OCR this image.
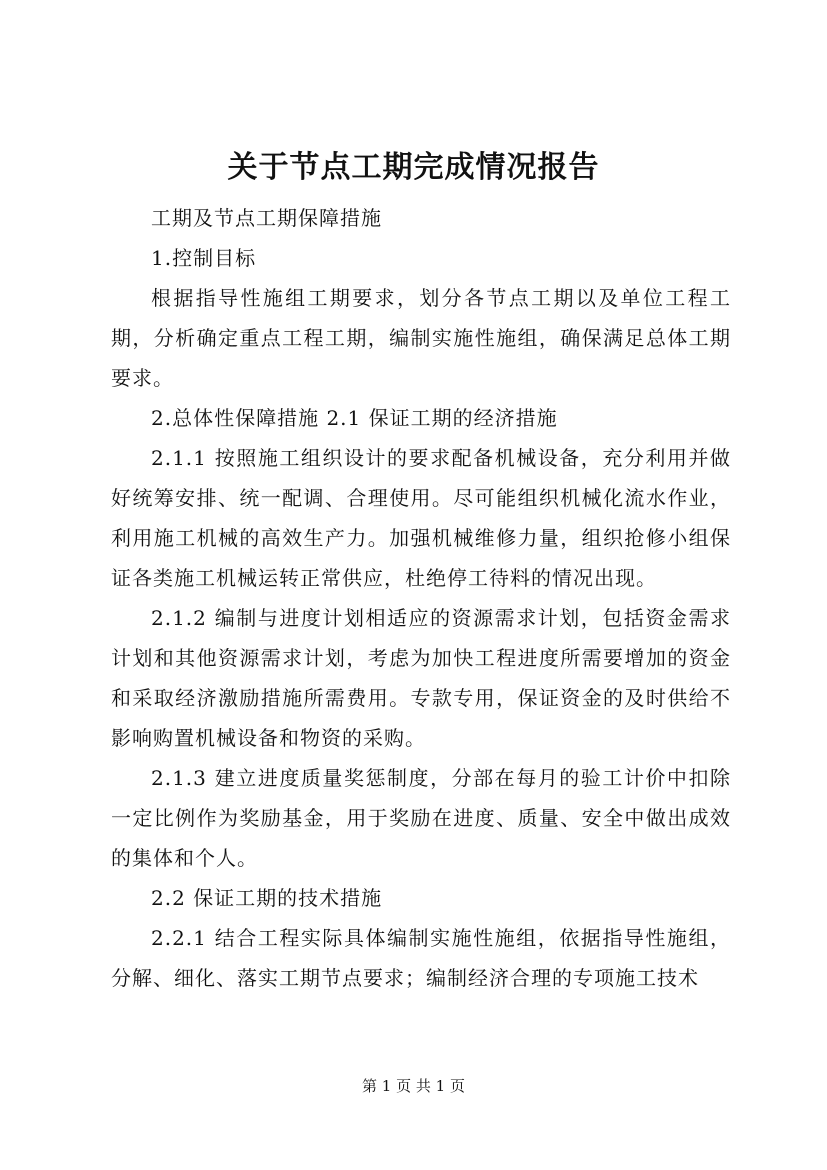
关于节点工期完成情况报告

工期及节点工期保障措施

1.控制目标

根据指导性施组工期要求，划分各节点工期以及单位工程工期，分析确定重点工程工期，编制实施性施组，确保满足总体工期要求。

2.总体性保障措施 2.1 保证工期的经济措施

2.1.1 按照施工组织设计的要求配备机械设备，充分利用并做好统筹安排、统一配调、合理使用。尽可能组织机械化流水作业，利用施工机械的高效生产力。加强机械维修力量，组织抢修小组保证各类施工机械运转正常供应，杜绝停工待料的情况出现。

2.1.2 编制与进度计划相适应的资源需求计划，包括资金需求计划和其他资源需求计划，考虑为加快工程进度所需要增加的资金和采取经济激励措施所需费用。专款专用，保证资金的及时供给不影响购置机械设备和物资的采购。

2.1.3 建立进度质量奖惩制度，分部在每月的验工计价中扣除一定比例作为奖励基金，用于奖励在进度、质量、安全中做出成效的集体和个人。

2.2 保证工期的技术措施

2.2.1 结合工程实际具体编制实施性施组，依据指导性施组，分解、细化、落实工期节点要求；编制经济合理的专项施工技术

第 1 页 共 1 页
